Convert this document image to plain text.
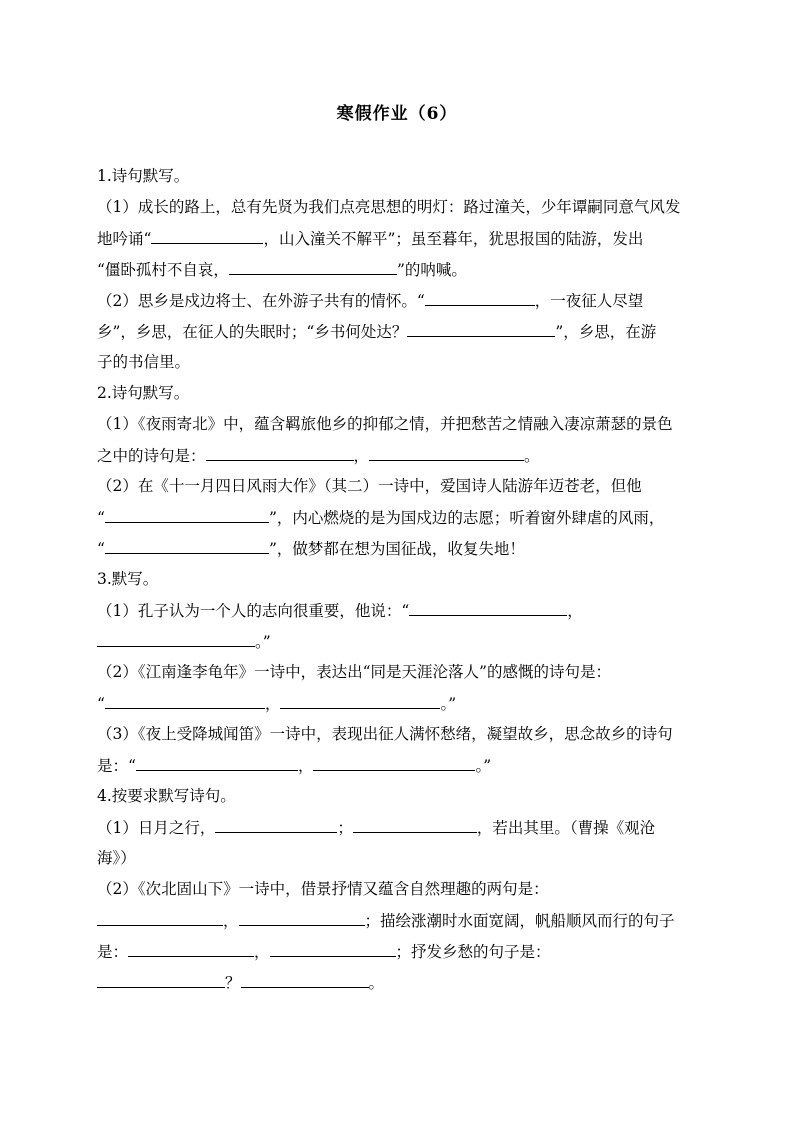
寒假作业（6）
1.诗句默写。
（1）成长的路上，总有先贤为我们点亮思想的明灯：路过潼关，少年谭嗣同意气风发
地吟诵“	，山入潼关不解平”；虽至暮年，犹思报国的陆游，发出
“僵卧孤村不自哀，	”的呐喊。
（2）思乡是戍边将士、在外游子共有的情怀。“	，一夜征人尽望
乡”，乡思，在征人的失眠时；“乡书何处达？	”，乡思，在游
子的书信里。
2.诗句默写。
（1）《夜雨寄北》中，蕴含羁旅他乡的抑郁之情，并把愁苦之情融入凄凉萧瑟的景色
之中的诗句是：	，	。
（2）在《十一月四日风雨大作》（其二）一诗中，爱国诗人陆游年迈苍老，但他
“	”，内心燃烧的是为国戍边的志愿；听着窗外肆虐的风雨，
“	”，做梦都在想为国征战，收复失地！
3.默写。
（1）孔子认为一个人的志向很重要，他说：“	，
。”
（2）《江南逢李龟年》一诗中，表达出“同是天涯沦落人”的感慨的诗句是：
“	，	。”
（3）《夜上受降城闻笛》一诗中，表现出征人满怀愁绪，凝望故乡，思念故乡的诗句
是：“	，	。”
4.按要求默写诗句。
（1）日月之行，	；	，若出其里。（曹操《观沧
海》）
（2）《次北固山下》一诗中，借景抒情又蕴含自然理趣的两句是：
，	；描绘涨潮时水面宽阔，帆船顺风而行的句子
是：	，	；抒发乡愁的句子是：
？	。
